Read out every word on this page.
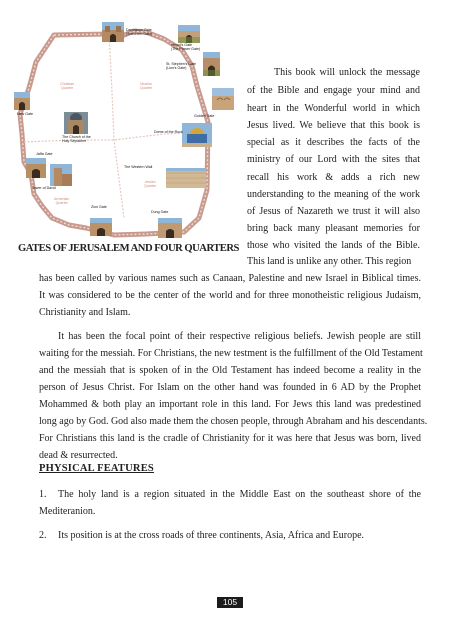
Damascus Gate
(Shechem Gate)
Herod's Gate
(The Flower Gate)
St. Stephen's Gate
(Lion's Gate)
Golden Gate
New Gate
Jaffa Gate
Zion Gate
Dung Gate
Christian
Quarter
Muslim
Quarter
Jewish
Quarter
Armenian
Quarter
The Church of the
Holy Sepulchre
Dome of the Rock
The Western Wall
Tower of David
GATES OF JERUSALEM AND FOUR QUARTERS
This book will unlock the message
of the Bible and engage your mind and
heart in the Wonderful world in which
Jesus lived. We believe that this book is
special as it describes the facts of the
ministry of our Lord with the sites that
recall his work & adds a rich new
understanding to the meaning of the work
of Jesus of Nazareth we trust it will also
bring back many pleasant memories for
those who visited the lands of the Bible.
This land is unlike any other. This region
has been called by various names such as Canaan, Palestine and new Israel in Biblical times.
It was considered to be the center of the world and for three monotheistic religious Judaism,
Christianity and Islam.
It has been the focal point of their respective religious beliefs. Jewish people are still
waiting for the messiah. For Christians, the new testment is the fulfillment of the Old Testament
and the messiah that is spoken of in the Old Testament has indeed become a reality in the
person of Jesus Christ. For Islam on the other hand was founded in 6 AD by the Prophet
Mohammed & both play an important role in this land. For Jews this land was predestined
long ago by God. God also made them the chosen people, through Abraham and his descendants.
For Christians this land is the cradle of Christianity for it was here that Jesus was born, lived
dead & resurrected.
PHYSICAL FEATURES
1.	The holy land is a region situated in the Middle East on the southeast shore of the
Mediteranion.
2.	Its position is at the cross roads of three continents, Asia, Africa and Europe.
105
